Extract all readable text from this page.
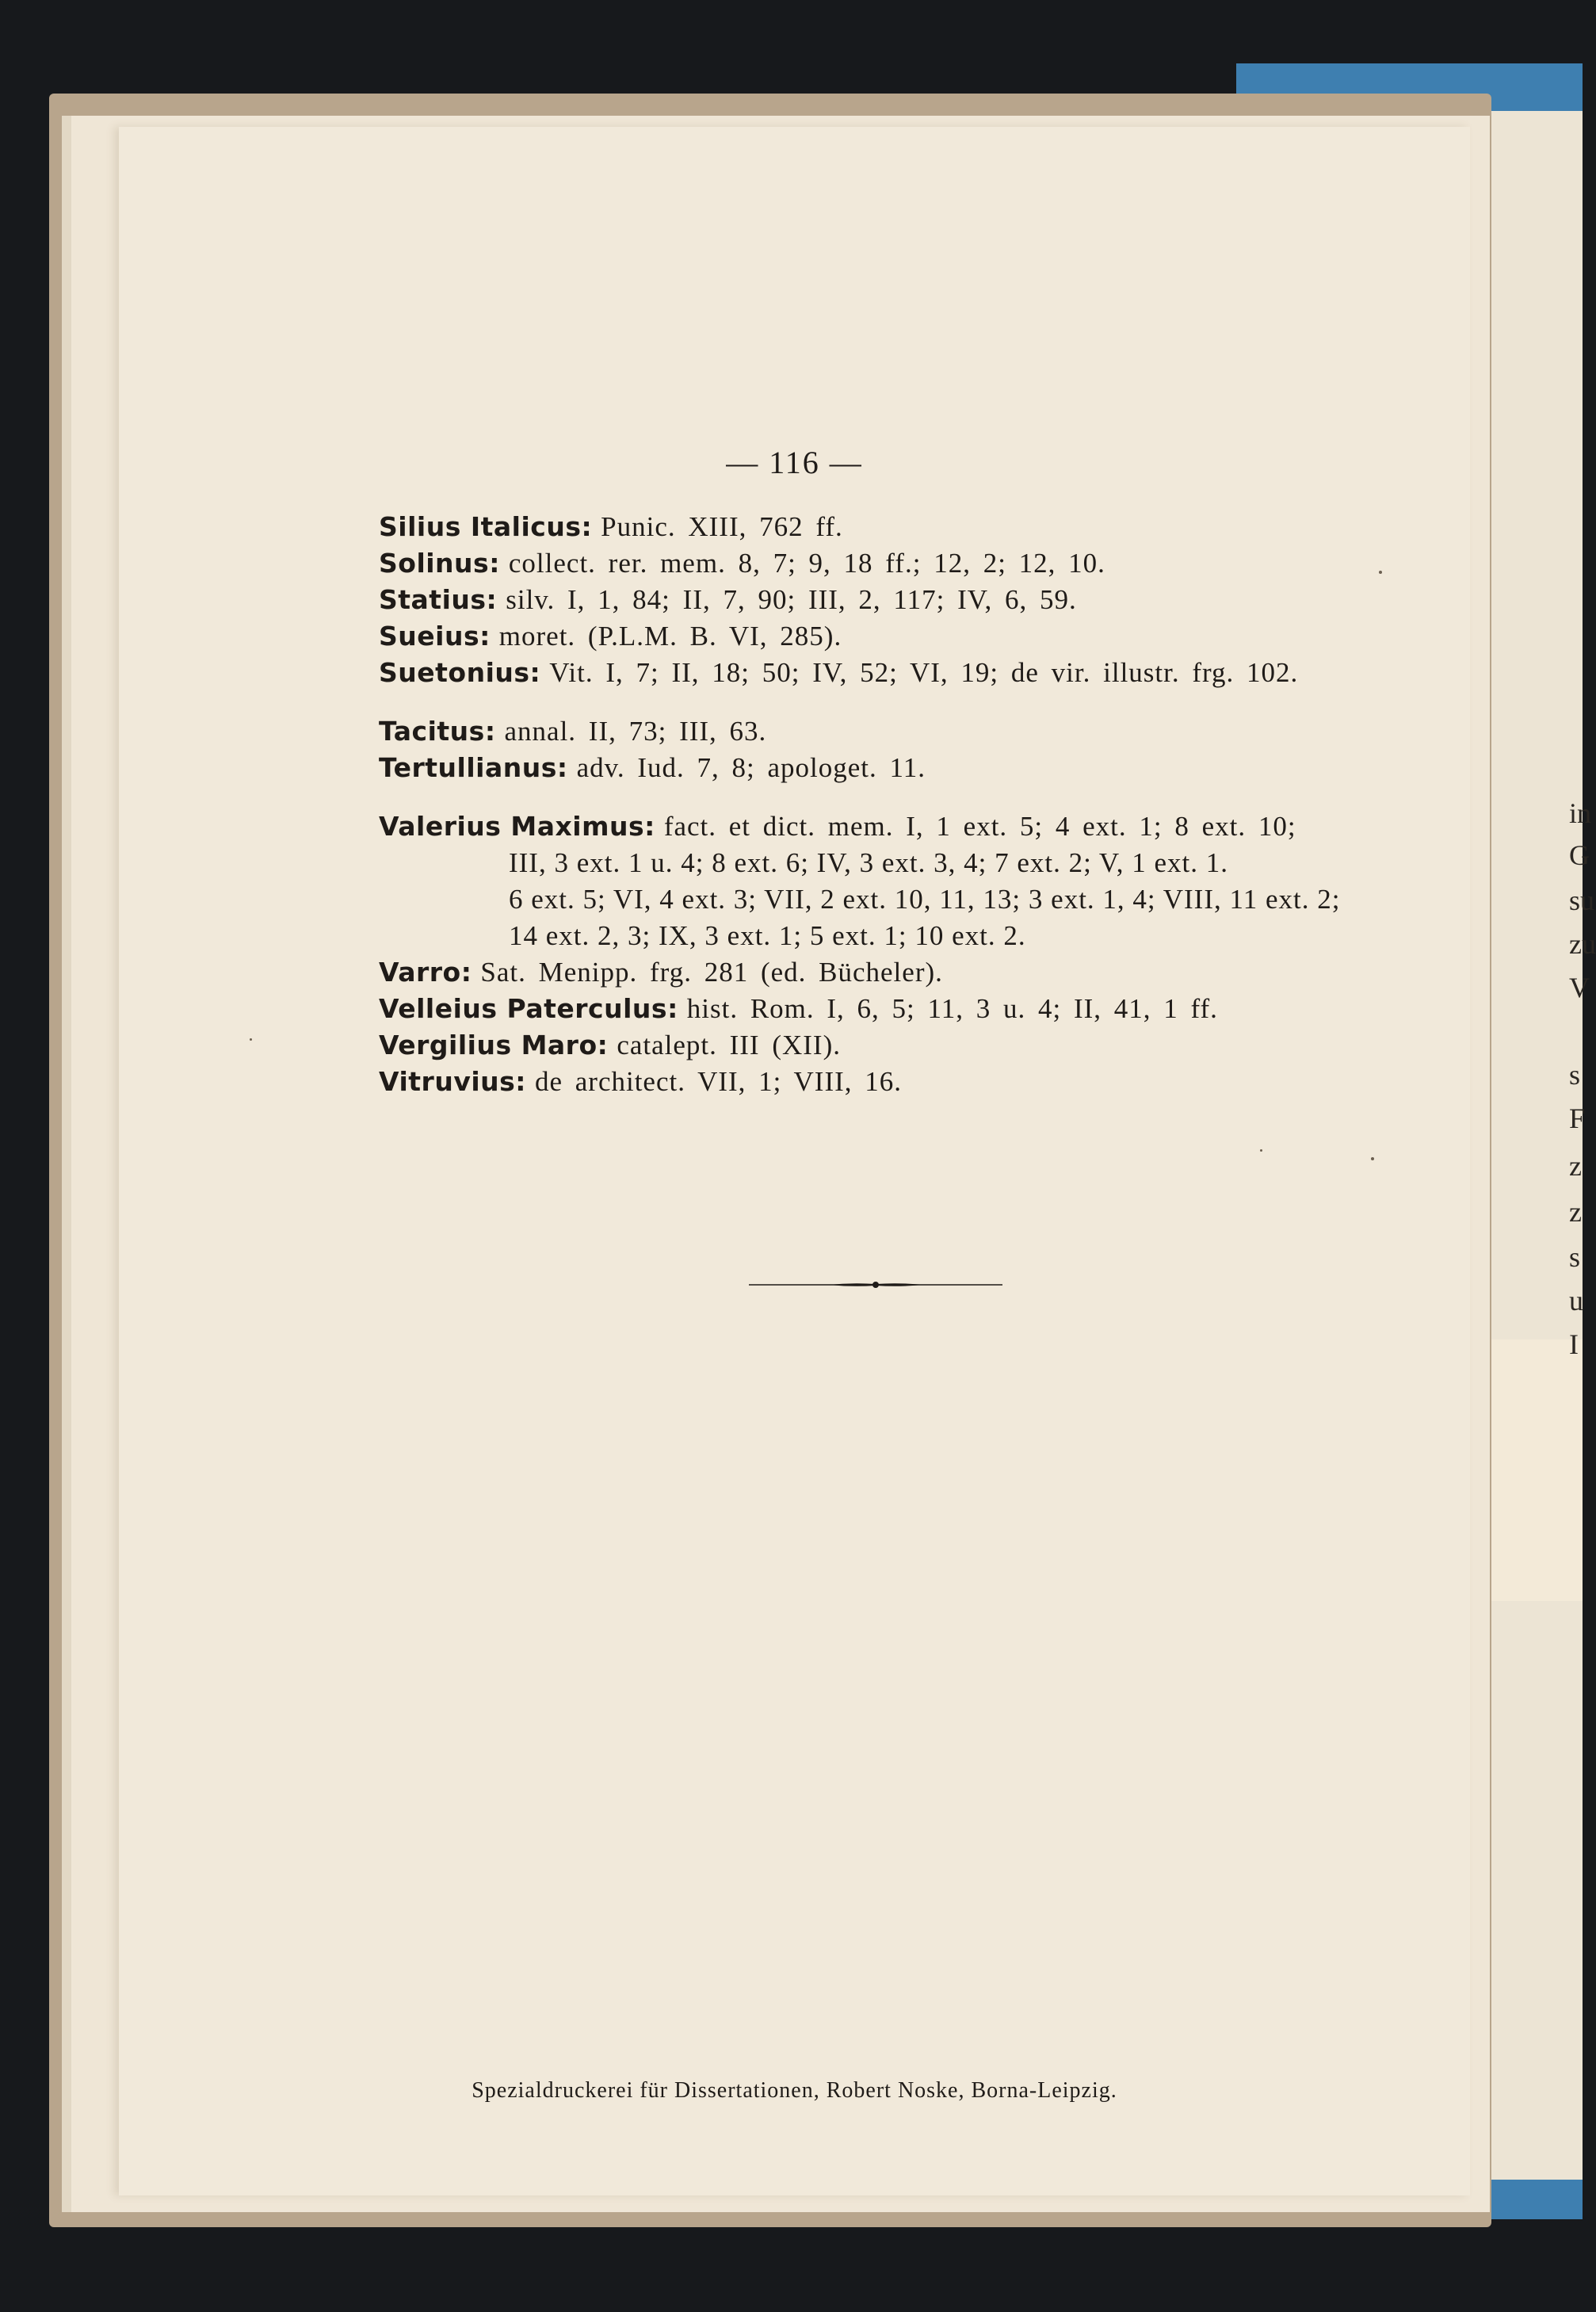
in
G
su
zu
V
s
F
z
z
s
u
I
— 116 —

Silius Italicus: Punic. XIII, 762 ff.

Solinus: collect. rer. mem. 8, 7; 9, 18 ff.; 12, 2; 12, 10.

Statius: silv. I, 1, 84; II, 7, 90; III, 2, 117; IV, 6, 59.

Sueius: moret. (P.L.M. B. VI, 285).

Suetonius: Vit. I, 7; II, 18; 50; IV, 52; VI, 19; de vir. illustr. frg. 102.

Tacitus: annal. II, 73; III, 63.

Tertullianus: adv. Iud. 7, 8; apologet. 11.

Valerius Maximus: fact. et dict. mem. I, 1 ext. 5; 4 ext. 1; 8 ext. 10;
III, 3 ext. 1 u. 4; 8 ext. 6; IV, 3 ext. 3, 4; 7 ext. 2; V, 1 ext. 1.
6 ext. 5; VI, 4 ext. 3; VII, 2 ext. 10, 11, 13; 3 ext. 1, 4; VIII, 11 ext. 2;
14 ext. 2, 3; IX, 3 ext. 1; 5 ext. 1; 10 ext. 2.

Varro: Sat. Menipp. frg. 281 (ed. Bücheler).

Velleius Paterculus: hist. Rom. I, 6, 5; 11, 3 u. 4; II, 41, 1 ff.

Vergilius Maro: catalept. III (XII).

Vitruvius: de architect. VII, 1; VIII, 16.

Spezialdruckerei für Dissertationen, Robert Noske, Borna-Leipzig.
